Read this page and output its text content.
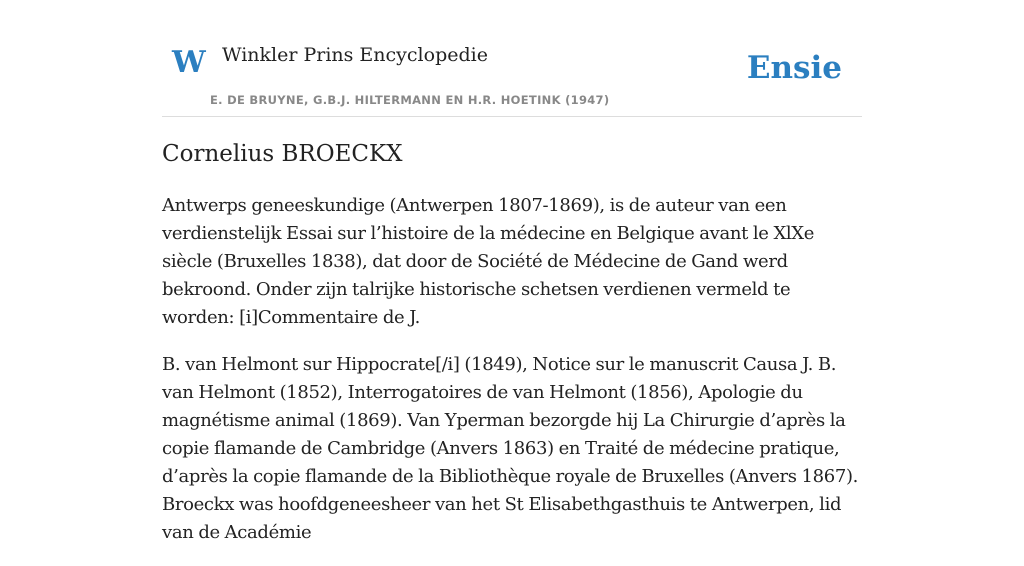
W Winkler Prins Encyclopedie
E. DE BRUYNE, G.B.J. HILTERMANN EN H.R. HOETINK (1947)
Ensie
Cornelius BROECKX

Antwerps geneeskundige (Antwerpen 1807-1869), is de auteur van een verdienstelijk Essai sur l’histoire de la médecine en Belgique avant le XlXe siècle (Bruxelles 1838), dat door de Société de Médecine de Gand werd bekroond. Onder zijn talrijke historische schetsen verdienen vermeld te worden: [i]Commentaire de J.

B. van Helmont sur Hippocrate[/i] (1849), Notice sur le manuscrit Causa J. B. van Helmont (1852), Interrogatoires de van Helmont (1856), Apologie du magnétisme animal (1869). Van Yperman bezorgde hij La Chirurgie d’après la copie flamande de Cambridge (Anvers 1863) en Traité de médecine pratique, d’après la copie flamande de la Bibliothèque royale de Bruxelles (Anvers 1867). Broeckx was hoofdgeneesheer van het St Elisabethgasthuis te Antwerpen, lid van de Académie
